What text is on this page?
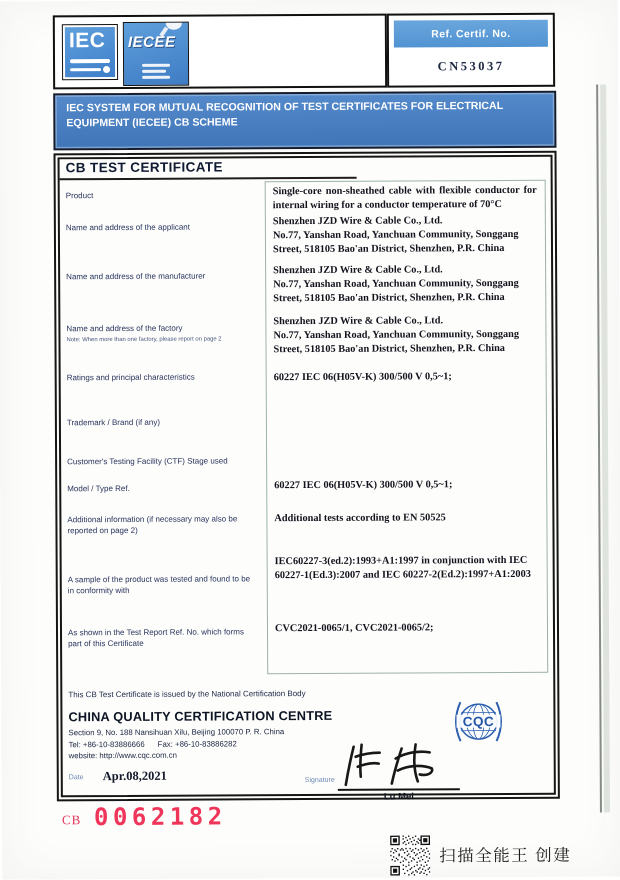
IEC IECEE
Ref. Certif. No.
CN53037
IEC SYSTEM FOR MUTUAL RECOGNITION OF TEST CERTIFICATES FOR ELECTRICAL EQUIPMENT (IECEE) CB SCHEME
CB TEST CERTIFICATE
Product
Name and address of the applicant
Name and address of the manufacturer
Name and address of the factory
Note: When more than one factory, please report on page 2
Ratings and principal characteristics
Trademark / Brand (if any)
Customer's Testing Facility (CTF) Stage used
Model / Type Ref.
Additional information (if necessary may also be reported on page 2)
A sample of the product was tested and found to be in conformity with
As shown in the Test Report Ref. No. which forms part of this Certificate
Single-core non-sheathed cable with flexible conductor for internal wiring for a conductor temperature of 70°C
Shenzhen JZD Wire & Cable Co., Ltd.
No.77, Yanshan Road, Yanchuan Community, Songgang Street, 518105 Bao'an District, Shenzhen, P.R. China
Shenzhen JZD Wire & Cable Co., Ltd.
No.77, Yanshan Road, Yanchuan Community, Songgang Street, 518105 Bao'an District, Shenzhen, P.R. China
Shenzhen JZD Wire & Cable Co., Ltd.
No.77, Yanshan Road, Yanchuan Community, Songgang Street, 518105 Bao'an District, Shenzhen, P.R. China
60227 IEC 06(H05V-K) 300/500 V 0,5~1;
60227 IEC 06(H05V-K) 300/500 V 0,5~1;
Additional tests according to EN 50525
IEC60227-3(ed.2):1993+A1:1997 in conjunction with IEC 60227-1(Ed.3):2007 and IEC 60227-2(Ed.2):1997+A1:2003
CVC2021-0065/1, CVC2021-0065/2;
This CB Test Certificate is issued by the National Certification Body
CHINA QUALITY CERTIFICATION CENTRE
Section 9, No. 188 Nansihuan Xilu, Beijing 100070 P. R. China
Tel: +86-10-83886666      Fax: +86-10-83886282
website: http://www.cqc.com.cn
Date Apr.08,2021	Signature
Lu Mei
CQC
CB 0062182
扫描全能王 创建
